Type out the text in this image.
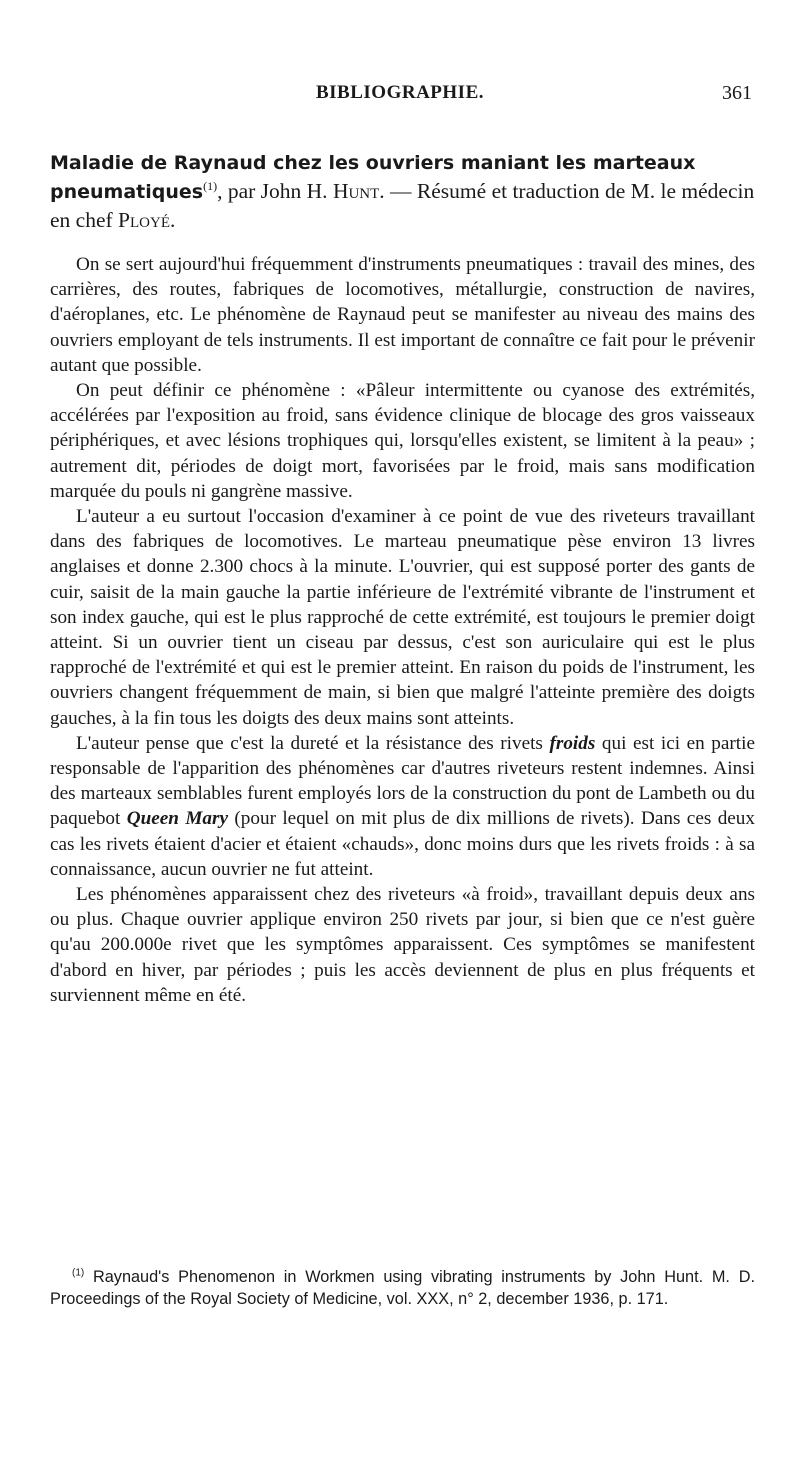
BIBLIOGRAPHIE.	361
Maladie de Raynaud chez les ouvriers maniant les marteaux pneumatiques$^{(1)}$, par John H. Hunt. — Résumé et traduction de M. le médecin en chef Ployé.

On se sert aujourd'hui fréquemment d'instruments pneumatiques : travail des mines, des carrières, des routes, fabriques de locomotives, métallurgie, construction de navires, d'aéroplanes, etc. Le phénomène de Raynaud peut se manifester au niveau des mains des ouvriers employant de tels instruments. Il est important de connaître ce fait pour le prévenir autant que possible.

On peut définir ce phénomène : «Pâleur intermittente ou cyanose des extrémités, accélérées par l'exposition au froid, sans évidence clinique de blocage des gros vaisseaux périphériques, et avec lésions trophiques qui, lorsqu'elles existent, se limitent à la peau» ; autrement dit, périodes de doigt mort, favorisées par le froid, mais sans modification marquée du pouls ni gangrène massive.

L'auteur a eu surtout l'occasion d'examiner à ce point de vue des riveteurs travaillant dans des fabriques de locomotives. Le marteau pneumatique pèse environ 13 livres anglaises et donne 2.300 chocs à la minute. L'ouvrier, qui est supposé porter des gants de cuir, saisit de la main gauche la partie inférieure de l'extrémité vibrante de l'instrument et son index gauche, qui est le plus rapproché de cette extrémité, est toujours le premier doigt atteint. Si un ouvrier tient un ciseau par dessus, c'est son auriculaire qui est le plus rapproché de l'extrémité et qui est le premier atteint. En raison du poids de l'instrument, les ouvriers changent fréquemment de main, si bien que malgré l'atteinte première des doigts gauches, à la fin tous les doigts des deux mains sont atteints.

L'auteur pense que c'est la dureté et la résistance des rivets froids qui est ici en partie responsable de l'apparition des phénomènes car d'autres riveteurs restent indemnes. Ainsi des marteaux semblables furent employés lors de la construction du pont de Lambeth ou du paquebot Queen Mary (pour lequel on mit plus de dix millions de rivets). Dans ces deux cas les rivets étaient d'acier et étaient «chauds», donc moins durs que les rivets froids : à sa connaissance, aucun ouvrier ne fut atteint.

Les phénomènes apparaissent chez des riveteurs «à froid», travaillant depuis deux ans ou plus. Chaque ouvrier applique environ 250 rivets par jour, si bien que ce n'est guère qu'au 200.000e rivet que les symptômes apparaissent. Ces symptômes se manifestent d'abord en hiver, par périodes ; puis les accès deviennent de plus en plus fréquents et surviennent même en été.

$^{(1)}$ Raynaud's Phenomenon in Workmen using vibrating instruments by John Hunt. M. D. Proceedings of the Royal Society of Medicine, vol. XXX, n° 2, december 1936, p. 171.
